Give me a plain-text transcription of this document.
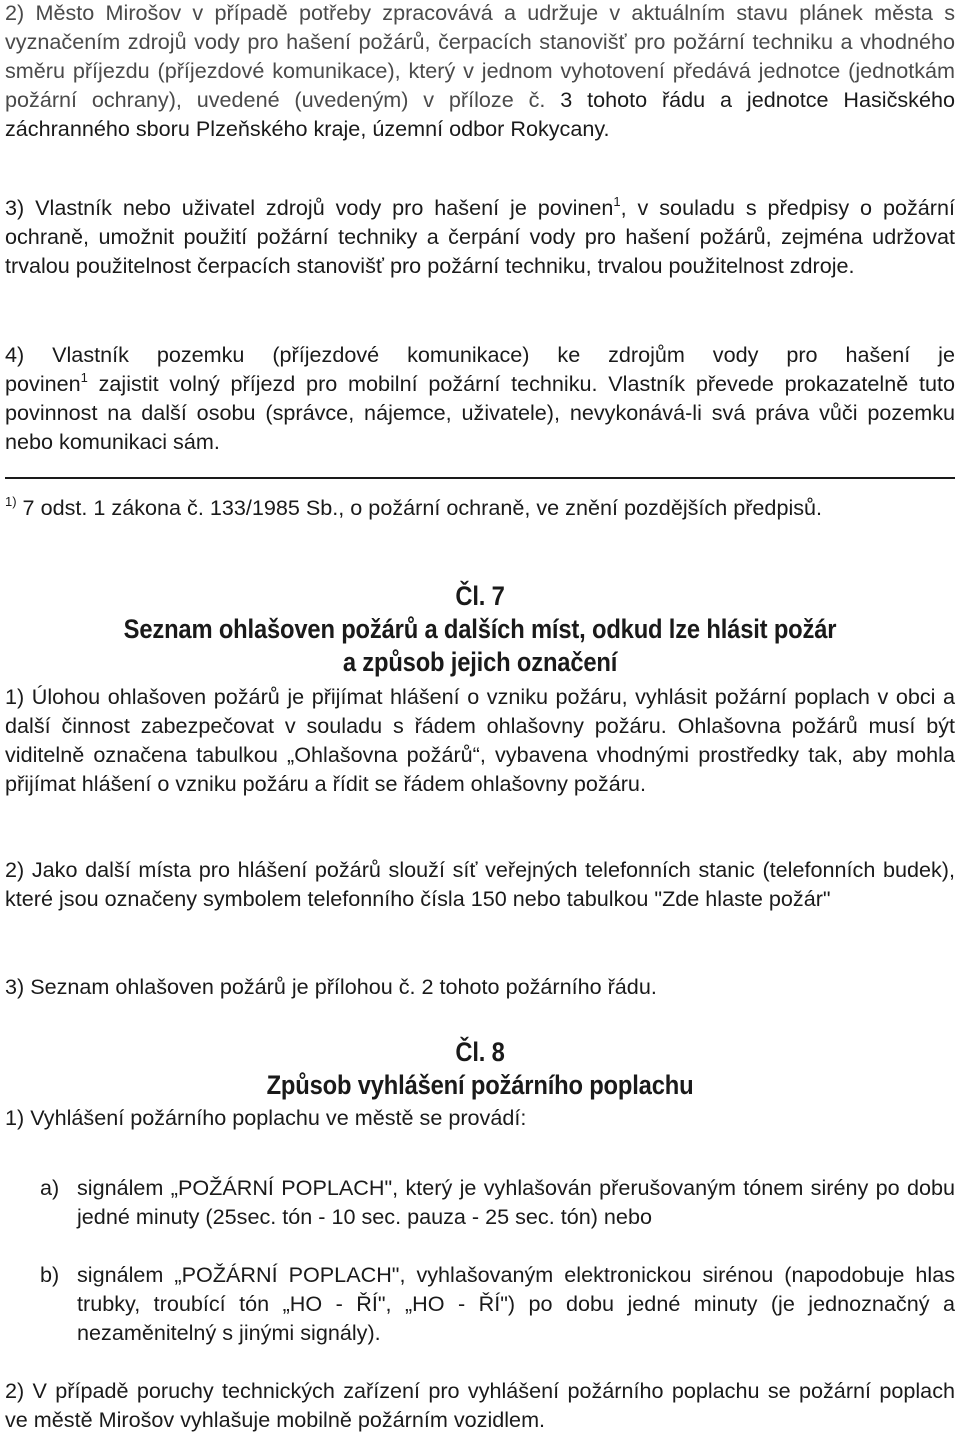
2) Město Mirošov v případě potřeby zpracovává a udržuje v aktuálním stavu plánek města s vyznačením zdrojů vody pro hašení požárů, čerpacích stanovišť pro požární techniku a vhodného směru příjezdu (příjezdové komunikace), který v jednom vyhotovení předává jednotce (jednotkám požární ochrany), uvedené (uvedeným) v příloze č. 3 tohoto řádu a jednotce Hasičského záchranného sboru Plzeňského kraje, územní odbor Rokycany.

3) Vlastník nebo uživatel zdrojů vody pro hašení je povinen$^1$, v souladu s předpisy o požární ochraně, umožnit použití požární techniky a čerpání vody pro hašení požárů, zejména udržovat trvalou použitelnost čerpacích stanovišť pro požární techniku, trvalou použitelnost zdroje.

4) Vlastník pozemku (příjezdové komunikace) ke zdrojům vody pro hašení je

povinen$^1$ zajistit volný příjezd pro mobilní požární techniku. Vlastník převede prokazatelně tuto povinnost na další osobu (správce, nájemce, uživatele), nevykonává-li svá práva vůči pozemku nebo komunikaci sám.

$^{1)}$ 7 odst. 1 zákona č. 133/1985 Sb., o požární ochraně, ve znění pozdějších předpisů.

Čl. 7
Seznam ohlašoven požárů a dalších míst, odkud lze hlásit požár
a způsob jejich označení

1) Úlohou ohlašoven požárů je přijímat hlášení o vzniku požáru, vyhlásit požární poplach v obci a další činnost zabezpečovat v souladu s řádem ohlašovny požáru. Ohlašovna požárů musí být viditelně označena tabulkou „Ohlašovna požárů“, vybavena vhodnými prostředky tak, aby mohla přijímat hlášení o vzniku požáru a řídit se řádem ohlašovny požáru.

2) Jako další místa pro hlášení požárů slouží síť veřejných telefonních stanic (telefonních budek), které jsou označeny symbolem telefonního čísla 150 nebo tabulkou "Zde hlaste požár"

3) Seznam ohlašoven požárů je přílohou č. 2 tohoto požárního řádu.

Čl. 8
Způsob vyhlášení požárního poplachu

1) Vyhlášení požárního poplachu ve městě se provádí:

a) signálem „POŽÁRNÍ POPLACH", který je vyhlašován přerušovaným tónem sirény po dobu jedné minuty (25sec. tón - 10 sec. pauza - 25 sec. tón) nebo
b) signálem „POŽÁRNÍ POPLACH", vyhlašovaným elektronickou sirénou (napodobuje hlas trubky, troubící tón „HO - ŘÍ", „HO - ŘÍ") po dobu jedné minuty (je jednoznačný a nezaměnitelný s jinými signály).

2) V případě poruchy technických zařízení pro vyhlášení požárního poplachu se požární poplach ve městě Mirošov vyhlašuje mobilně požárním vozidlem.
